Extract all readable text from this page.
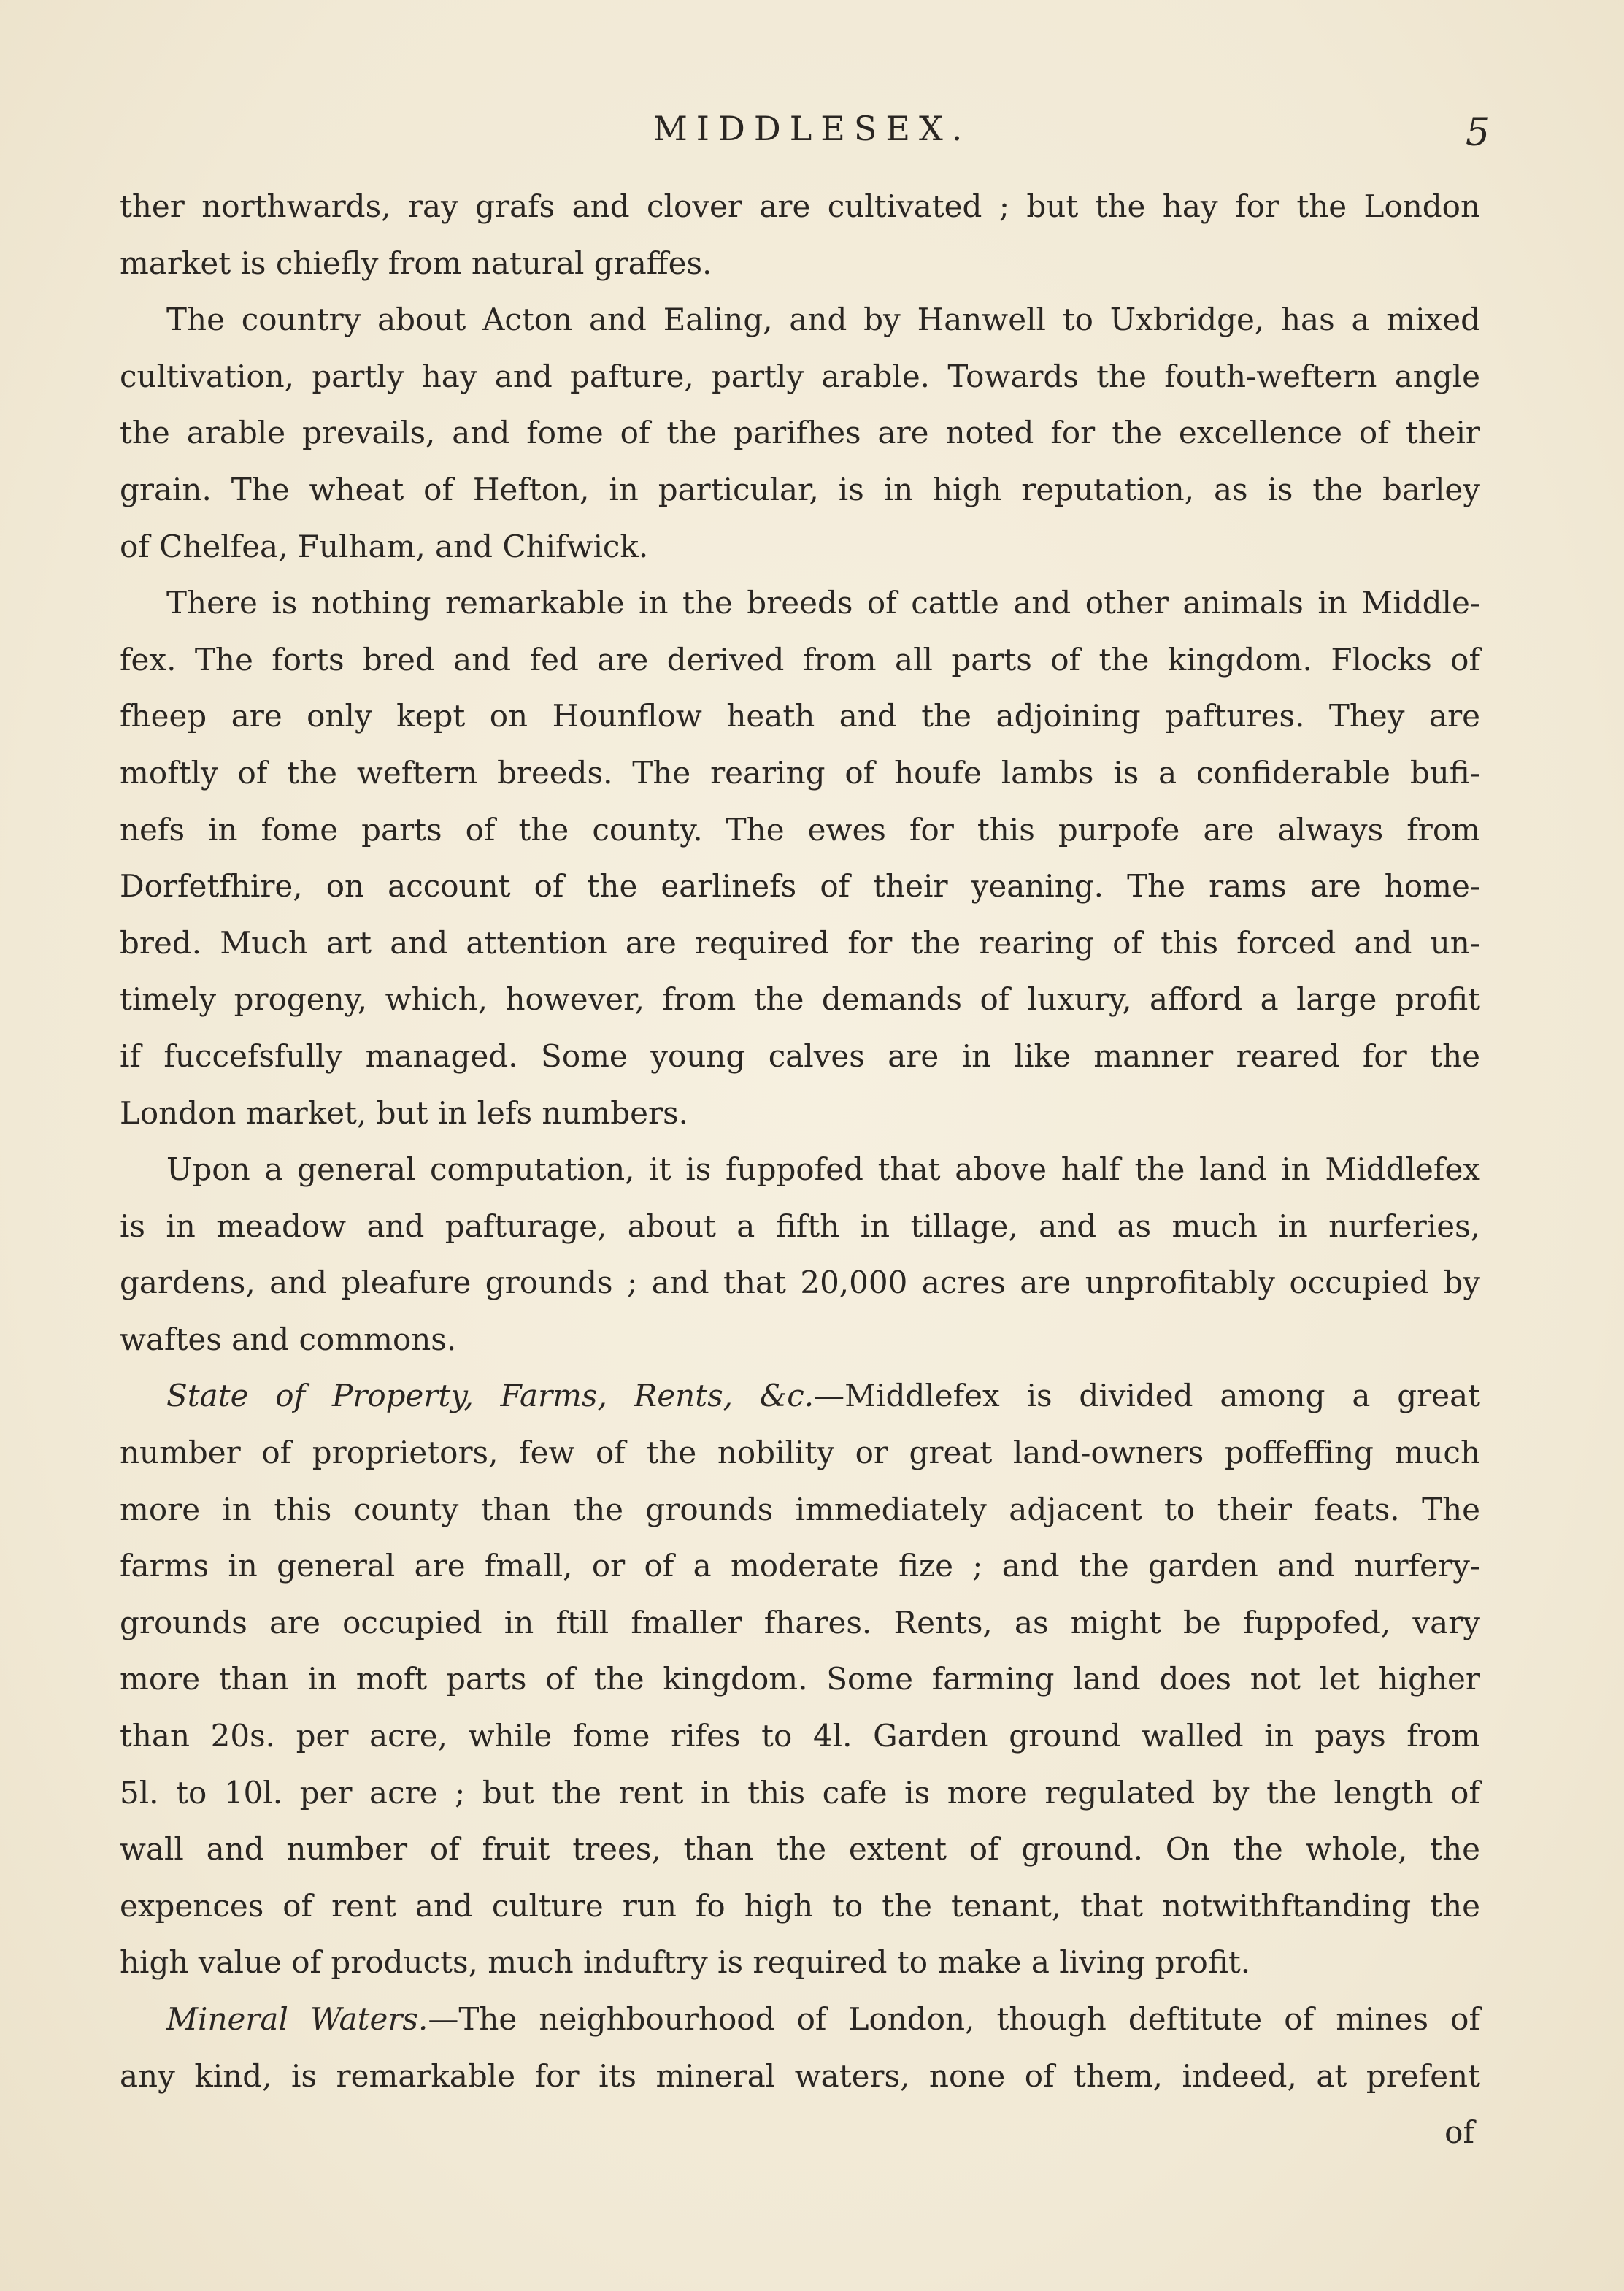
MIDDLESEX.	5
ther northwards, ray grafs and clover are cultivated ; but the hay for the London
market is chiefly from natural graffes.
The country about Acton and Ealing, and by Hanwell to Uxbridge, has a mixed
cultivation, partly hay and pafture, partly arable. Towards the fouth-weftern angle
the arable prevails, and fome of the parifhes are noted for the excellence of their
grain. The wheat of Hefton, in particular, is in high reputation, as is the barley
of Chelfea, Fulham, and Chifwick.
There is nothing remarkable in the breeds of cattle and other animals in Middle-
fex. The forts bred and fed are derived from all parts of the kingdom. Flocks of
fheep are only kept on Hounflow heath and the adjoining paftures. They are
moftly of the weftern breeds. The rearing of houfe lambs is a confiderable bufi-
nefs in fome parts of the county. The ewes for this purpofe are always from
Dorfetfhire, on account of the earlinefs of their yeaning. The rams are home-
bred. Much art and attention are required for the rearing of this forced and un-
timely progeny, which, however, from the demands of luxury, afford a large profit
if fuccefsfully managed. Some young calves are in like manner reared for the
London market, but in lefs numbers.
Upon a general computation, it is fuppofed that above half the land in Middlefex
is in meadow and pafturage, about a fifth in tillage, and as much in nurferies,
gardens, and pleafure grounds ; and that 20,000 acres are unprofitably occupied by
waftes and commons.
State of Property, Farms, Rents, &c.—Middlefex is divided among a great
number of proprietors, few of the nobility or great land-owners poffeffing much
more in this county than the grounds immediately adjacent to their feats. The
farms in general are fmall, or of a moderate fize ; and the garden and nurfery-
grounds are occupied in ftill fmaller fhares. Rents, as might be fuppofed, vary
more than in moft parts of the kingdom. Some farming land does not let higher
than 20s. per acre, while fome rifes to 4l. Garden ground walled in pays from
5l. to 10l. per acre ; but the rent in this cafe is more regulated by the length of
wall and number of fruit trees, than the extent of ground. On the whole, the
expences of rent and culture run fo high to the tenant, that notwithftanding the
high value of products, much induftry is required to make a living profit.
Mineral Waters.—The neighbourhood of London, though deftitute of mines of
any kind, is remarkable for its mineral waters, none of them, indeed, at prefent
of
